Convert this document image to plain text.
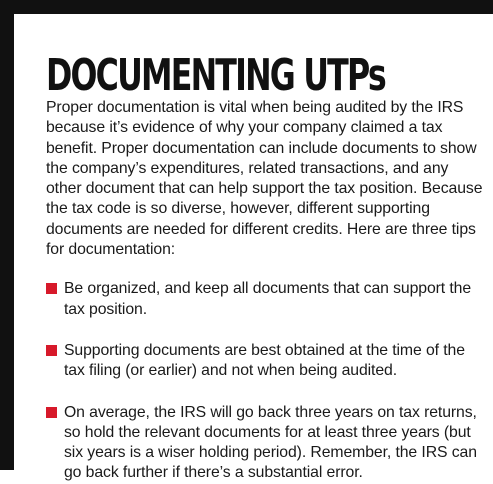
DOCUMENTING UTPs

Proper documentation is vital when being audited by the IRS because it’s evidence of why your company claimed a tax benefit. Proper documentation can include documents to show the company’s expenditures, related transactions, and any other document that can help support the tax position. Because the tax code is so diverse, however, different supporting documents are needed for different credits. Here are three tips for documentation:

Be organized, and keep all documents that can support the tax position.
Supporting documents are best obtained at the time of the tax filing (or earlier) and not when being audited.
On average, the IRS will go back three years on tax returns, so hold the relevant documents for at least three years (but six years is a wiser holding period). Remember, the IRS can go back further if there’s a substantial error.
